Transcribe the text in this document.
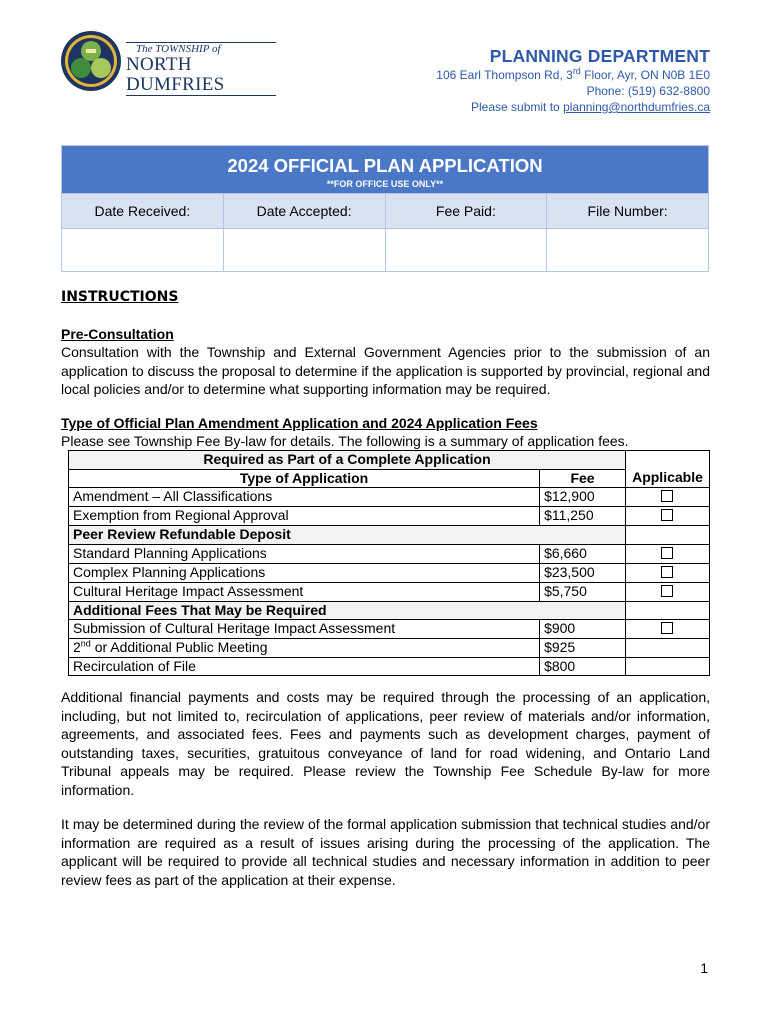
The TOWNSHIP of
NORTH DUMFRIES
PLANNING DEPARTMENT
106 Earl Thompson Rd, 3rd Floor, Ayr, ON N0B 1E0
Phone: (519) 632-8800
Please submit to planning@northdumfries.ca
2024 OFFICIAL PLAN APPLICATION
**FOR OFFICE USE ONLY**			

Date Received:	Date Accepted:	Fee Paid:	File Number:

INSTRUCTIONS
Pre-Consultation
Consultation with the Township and External Government Agencies prior to the submission of an application to discuss the proposal to determine if the application is supported by provincial, regional and local policies and/or to determine what supporting information may be required.
Type of Official Plan Amendment Application and 2024 Application Fees
Please see Township Fee By-law for details. The following is a summary of application fees.
Required as Part of a Complete Application		
Type of Application	Fee	Applicable
Amendment – All Classifications	$12,900	
Exemption from Regional Approval	$11,250	
Peer Review Refundable Deposit		
Standard Planning Applications	$6,660	
Complex Planning Applications	$23,500	
Cultural Heritage Impact Assessment	$5,750	
Additional Fees That May be Required		
Submission of Cultural Heritage Impact Assessment	$900	
2nd or Additional Public Meeting	$925	
Recirculation of File	$800	
Additional financial payments and costs may be required through the processing of an application, including, but not limited to, recirculation of applications, peer review of materials and/or information, agreements, and associated fees. Fees and payments such as development charges, payment of outstanding taxes, securities, gratuitous conveyance of land for road widening, and Ontario Land Tribunal appeals may be required. Please review the Township Fee Schedule By-law for more information.
It may be determined during the review of the formal application submission that technical studies and/or information are required as a result of issues arising during the processing of the application. The applicant will be required to provide all technical studies and necessary information in addition to peer review fees as part of the application at their expense.
1
